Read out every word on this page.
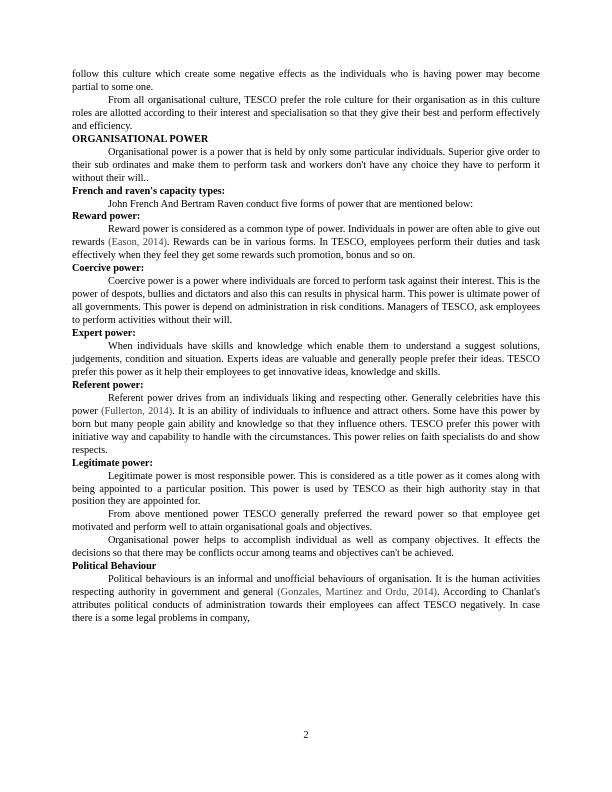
follow this culture which create some negative effects as the individuals who is having power may become partial to some one.

From all organisational culture, TESCO prefer the role culture for their organisation as in this culture roles are allotted according to their interest and specialisation so that they give their best and perform effectively and efficiency.

ORGANISATIONAL POWER

Organisational power is a power that is held by only some particular individuals. Superior give order to their sub ordinates and make them to perform task and workers don't have any choice they have to perform it without their will..

French and raven's capacity types:

John French And Bertram Raven conduct five forms of power that are mentioned below:

Reward power:

Reward power is considered as a common type of power. Individuals in power are often able to give out rewards (Eason, 2014). Rewards can be in various forms. In TESCO, employees perform their duties and task effectively when they feel they get some rewards such promotion, bonus and so on.

Coercive power:

Coercive power is a power where individuals are forced to perform task against their interest. This is the power of despots, bullies and dictators and also this can results in physical harm. This power is ultimate power of all governments. This power is depend on administration in risk conditions. Managers of TESCO, ask employees to perform activities without their will.

Expert power:

When individuals have skills and knowledge which enable them to understand a suggest solutions, judgements, condition and situation. Experts ideas are valuable and generally people prefer their ideas. TESCO prefer this power as it help their employees to get innovative ideas, knowledge and skills.

Referent power:

Referent power drives from an individuals liking and respecting other. Generally celebrities have this power (Fullerton, 2014). It is an ability of individuals to influence and attract others. Some have this power by born but many people gain ability and knowledge so that they influence others. TESCO prefer this power with initiative way and capability to handle with the circumstances. This power relies on faith specialists do and show respects.

Legitimate power:

Legitimate power is most responsible power. This is considered as a title power as it comes along with being appointed to a particular position. This power is used by TESCO as their high authority stay in that position they are appointed for.

From above mentioned power TESCO generally preferred the reward power so that employee get motivated and perform well to attain organisational goals and objectives.

Organisational power helps to accomplish individual as well as company objectives. It effects the decisions so that there may be conflicts occur among teams and objectives can't be achieved.

Political Behaviour

Political behaviours is an informal and unofficial behaviours of organisation. It is the human activities respecting authority in government and general (Gonzales, Martinez and Ordu, 2014). According to Chanlat's attributes political conducts of administration towards their employees can affect TESCO negatively. In case there is a some legal problems in company,

2
